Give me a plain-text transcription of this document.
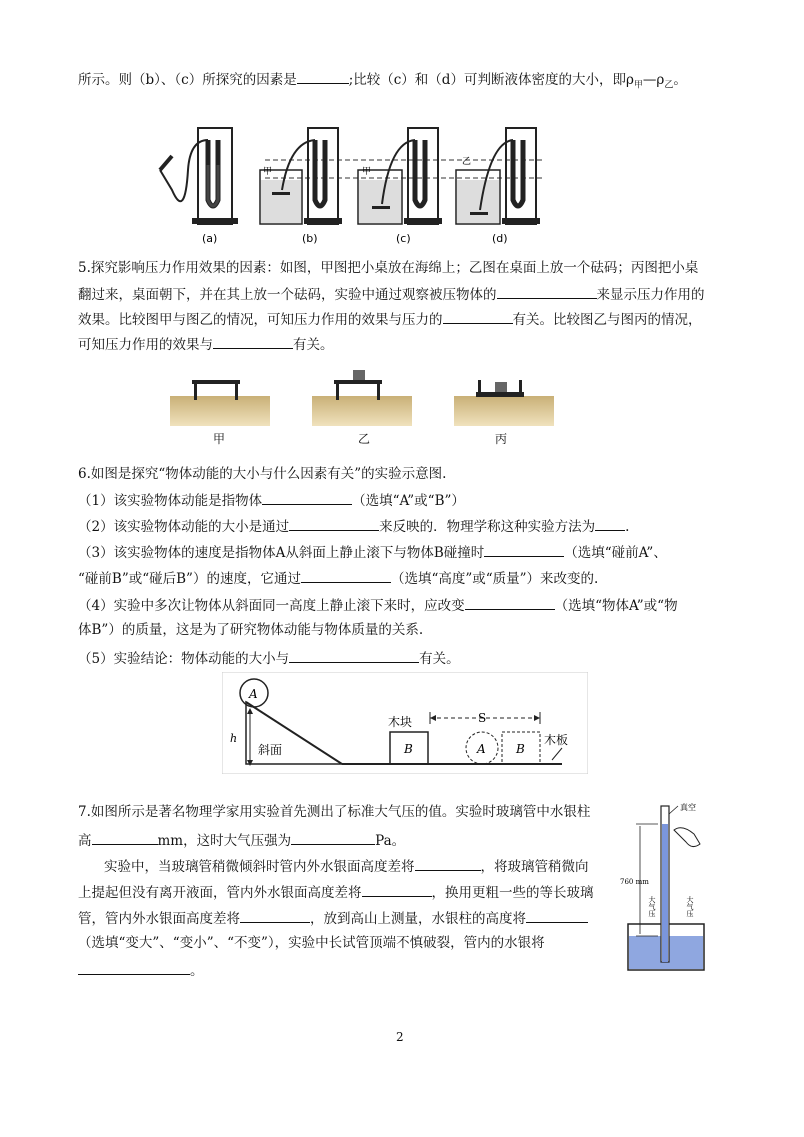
所示。则（b）、（c）所探究的因素是	;比较（c）和（d）可判断液体密度的大小，即$\rho_甲—\rho_乙$。
甲	甲
乙
(a)	(b)	(c)	(d)
5.探究影响压力作用效果的因素：如图，甲图把小桌放在海绵上；乙图在桌面上放一个砝码；丙图把小桌
翻过来，桌面朝下，并在其上放一个砝码，实验中通过观察被压物体的	来显示压力作用的
效果。比较图甲与图乙的情况，可知压力作用的效果与压力的	有关。比较图乙与图丙的情况，
可知压力作用的效果与	有关。
甲	乙	丙
6.如图是探究“物体动能的大小与什么因素有关”的实验示意图.
（1）该实验物体动能是指物体	（选填“A”或“B”）
（2）该实验物体动能的大小是通过	来反映的．物理学称这种实验方法为 .
（3）该实验物体的速度是指物体A从斜面上静止滚下与物体B碰撞时	（选填“碰前A”、
“碰前B”或“碰后B”）的速度，它通过	（选填“高度”或“质量”）来改变的.
（4）实验中多次让物体从斜面同一高度上静止滚下来时，应改变	（选填“物体A”或“物
体B”）的质量，这是为了研究物体动能与物体质量的关系.
（5）实验结论：物体动能的大小与	有关。
A
h
斜面	B
木块	S
A	B
木板
7.如图所示是著名物理学家用实验首先测出了标准大气压的值。实验时玻璃管中水银柱
高	mm，这时大气压强为	Pa。
实验中，当玻璃管稍微倾斜时管内外水银面高度差将	，将玻璃管稍微向
上提起但没有离开液面，管内外水银面高度差将	，换用更粗一些的等长玻璃
管，管内外水银面高度差将	，放到高山上测量，水银柱的高度将
（选填“变大”、“变小”、“不变”），实验中长试管顶端不慎破裂，管内的水银将
。
真空
760 mm
大气压	大气压
2
